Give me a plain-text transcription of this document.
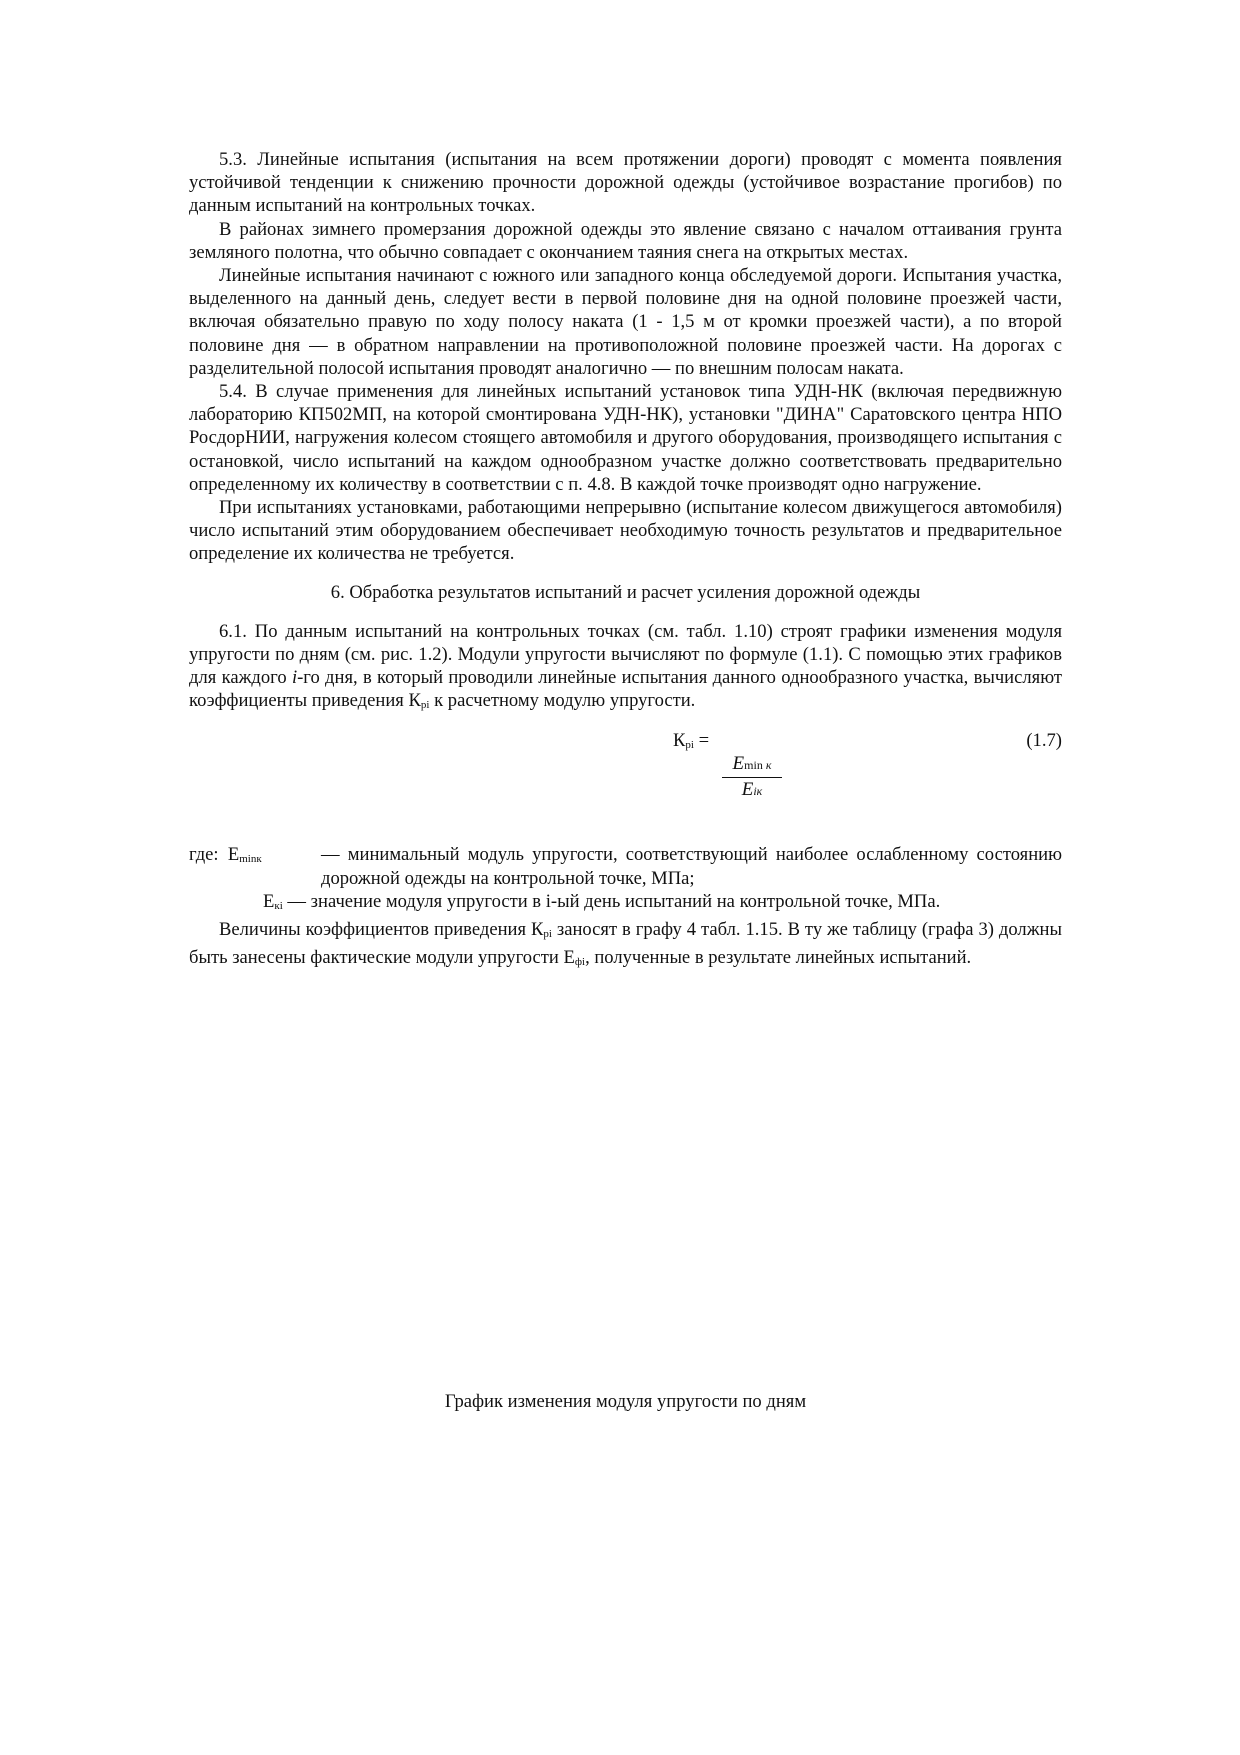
5.3. Линейные испытания (испытания на всем протяжении дороги) проводят с момента появления устойчивой тенденции к снижению прочности дорожной одежды (устойчивое возрастание прогибов) по данным испытаний на контрольных точках.

В районах зимнего промерзания дорожной одежды это явление связано с началом оттаивания грунта земляного полотна, что обычно совпадает с окончанием таяния снега на открытых местах.

Линейные испытания начинают с южного или западного конца обследуемой дороги. Испытания участка, выделенного на данный день, следует вести в первой половине дня на одной половине проезжей части, включая обязательно правую по ходу полосу наката (1 - 1,5 м от кромки проезжей части), а по второй половине дня — в обратном направлении на противоположной половине проезжей части. На дорогах с разделительной полосой испытания проводят аналогично — по внешним полосам наката.

5.4. В случае применения для линейных испытаний установок типа УДН-НК (включая передвижную лабораторию КП502МП, на которой смонтирована УДН-НК), установки "ДИНА" Саратовского центра НПО РосдорНИИ, нагружения колесом стоящего автомобиля и другого оборудования, производящего испытания с остановкой, число испытаний на каждом однообразном участке должно соответствовать предварительно определенному их количеству в соответствии с п. 4.8. В каждой точке производят одно нагружение.

При испытаниях установками, работающими непрерывно (испытание колесом движущегося автомобиля) число испытаний этим оборудованием обеспечивает необходимую точность результатов и предварительное определение их количества не требуется.

6. Обработка результатов испытаний и расчет усиления дорожной одежды

6.1. По данным испытаний на контрольных точках (см. табл. 1.10) строят графики изменения модуля упругости по дням (см. рис. 1.2). Модули упругости вычисляют по формуле (1.1). С помощью этих графиков для каждого i-го дня, в который проводили линейные испытания данного однообразного участка, вычисляют коэффициенты приведения Кpi к расчетному модулю упругости.

Кpi =
Emin к
Eiк
(1.7)
где: Eminк	— минимальный модуль упругости, соответствующий наиболее ослабленному состоянию дорожной одежды на контрольной точке, МПа;

Eкi — значение модуля упругости в i-ый день испытаний на контрольной точке, МПа.

Величины коэффициентов приведения Кpi заносят в графу 4 табл. 1.15. В ту же таблицу (графа 3) должны быть занесены фактические модули упругости Eфi, полученные в результате линейных испытаний.

График изменения модуля упругости по дням
